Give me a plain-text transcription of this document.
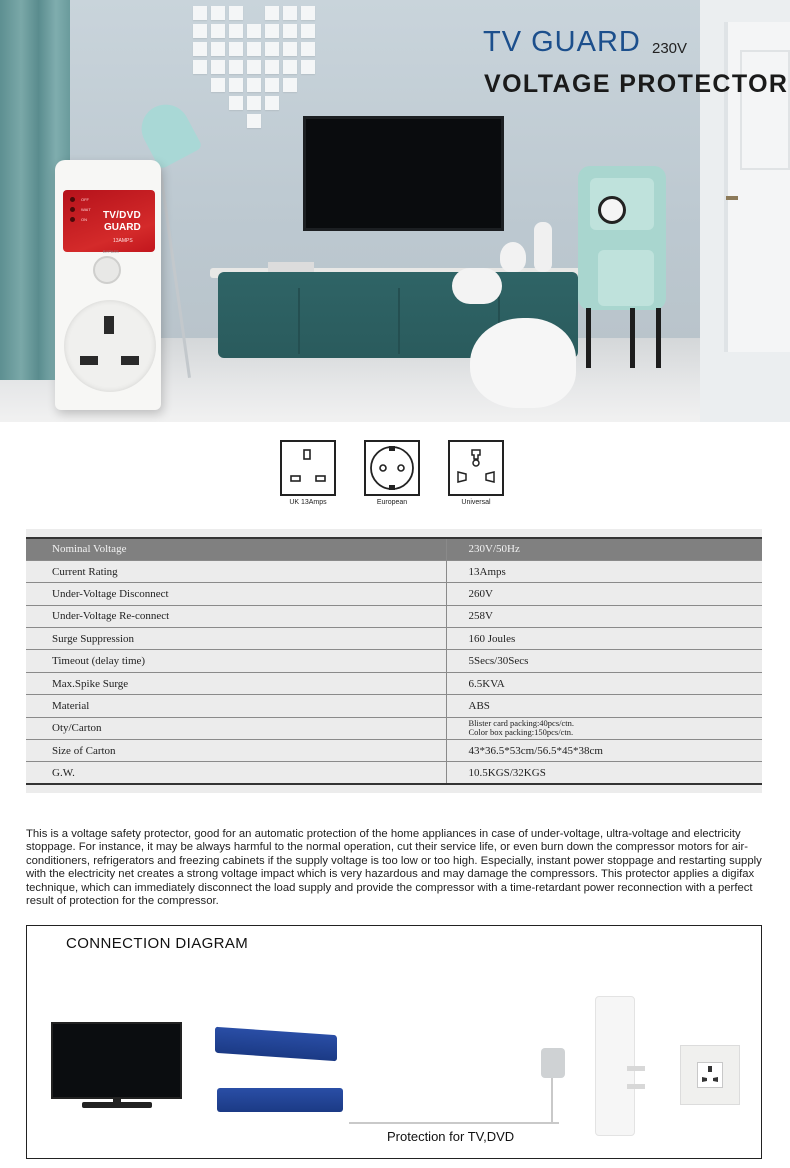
OFF
WAIT
ON TV/DVD
GUARD
13AMPS
BYPASS
TV GUARD 230V
VOLTAGE PROTECTOR
UK 13Amps	European	Universal
Nominal Voltage	230V/50Hz
Current Rating	13Amps
Under-Voltage Disconnect	260V
Under-Voltage Re-connect	258V
Surge Suppression	160 Joules
Timeout (delay time)	5Secs/30Secs
Max.Spike Surge	6.5KVA
Material	ABS
Oty/Carton	Blister card packing:40pcs/ctn.
Color box packing:150pcs/ctn.

Size of Carton	43*36.5*53cm/56.5*45*38cm
G.W.	10.5KGS/32KGS

This is a voltage safety protector, good for an automatic protection of the home appliances in case of under-voltage, ultra-voltage and electricity stoppage. For instance, it may be always harmful to the normal operation, cut their service life, or even burn down the compressor motors for air-conditioners, refrigerators and freezing cabinets if the supply voltage is too low or too high. Especially, instant power stoppage and restarting supply with the electricity net creates a strong voltage impact which is very hazardous and may damage the compressors. This protector applies a digifax technique, which can immediately disconnect the load supply and provide the compressor with a time-retardant power reconnection with a perfect result of protection for the compressor.

CONNECTION DIAGRAM
Protection for TV,DVD
